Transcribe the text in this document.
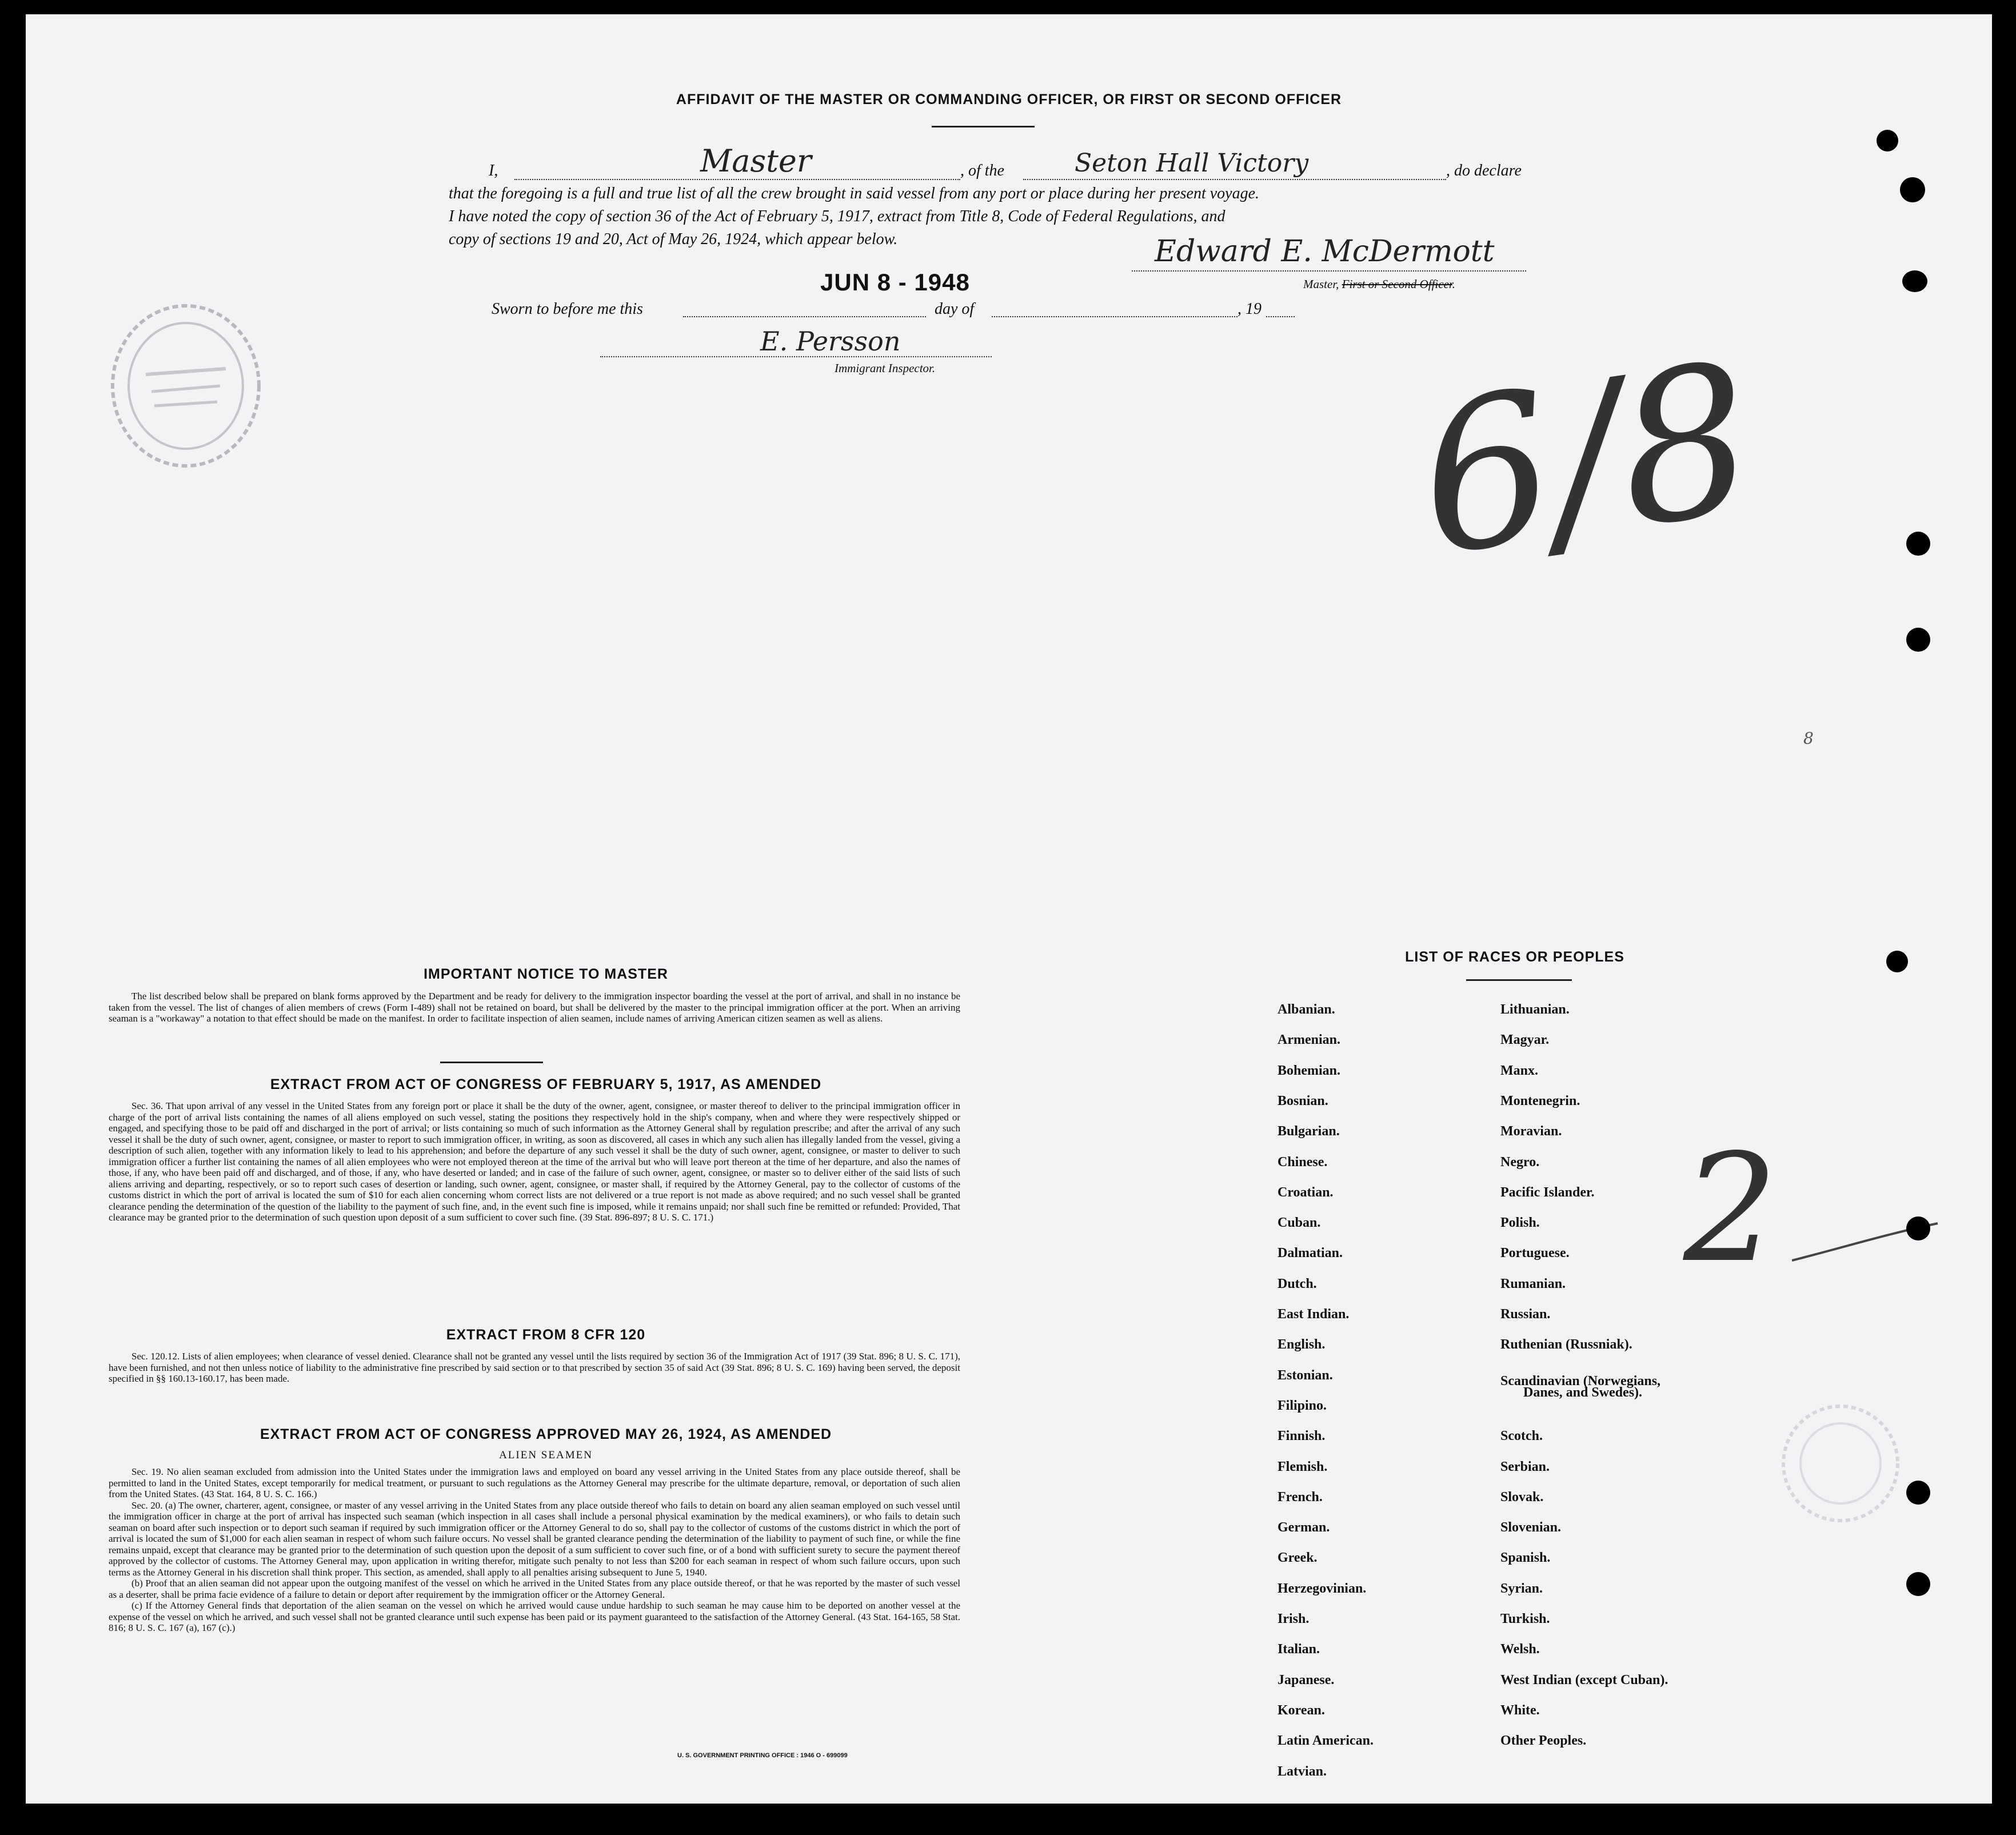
AFFIDAVIT OF THE MASTER OR COMMANDING OFFICER, OR FIRST OR SECOND OFFICER
I,	Master	, of the	Seton Hall Victory	, do declare
that the foregoing is a full and true list of all the crew brought in said vessel from any port or place during her present voyage.
I have noted the copy of section 36 of the Act of February 5, 1917, extract from Title 8, Code of Federal Regulations, and
copy of sections 19 and 20, Act of May 26, 1924, which appear below.	Edward E. McDermott
Master, First or Second Officer.
JUN 8 - 1948
Sworn to before me this	day of	, 19
E. Persson
Immigrant Inspector. 6/8
8
2
IMPORTANT NOTICE TO MASTER
The list described below shall be prepared on blank forms approved by the Department and be ready for delivery to the immigration inspector boarding the vessel at the port of arrival, and shall in no instance be taken from the vessel. The list of changes of alien members of crews (Form I-489) shall not be retained on board, but shall be delivered by the master to the principal immigration officer at the port. When an arriving seaman is a "workaway" a notation to that effect should be made on the manifest. In order to facilitate inspection of alien seamen, include names of arriving American citizen seamen as well as aliens.
EXTRACT FROM ACT OF CONGRESS OF FEBRUARY 5, 1917, AS AMENDED
Sec. 36. That upon arrival of any vessel in the United States from any foreign port or place it shall be the duty of the owner, agent, consignee, or master thereof to deliver to the principal immigration officer in charge of the port of arrival lists containing the names of all aliens employed on such vessel, stating the positions they respectively hold in the ship's company, when and where they were respectively shipped or engaged, and specifying those to be paid off and discharged in the port of arrival; or lists containing so much of such information as the Attorney General shall by regulation prescribe; and after the arrival of any such vessel it shall be the duty of such owner, agent, consignee, or master to report to such immigration officer, in writing, as soon as discovered, all cases in which any such alien has illegally landed from the vessel, giving a description of such alien, together with any information likely to lead to his apprehension; and before the departure of any such vessel it shall be the duty of such owner, agent, consignee, or master to deliver to such immigration officer a further list containing the names of all alien employees who were not employed thereon at the time of the arrival but who will leave port thereon at the time of her departure, and also the names of those, if any, who have been paid off and discharged, and of those, if any, who have deserted or landed; and in case of the failure of such owner, agent, consignee, or master so to deliver either of the said lists of such aliens arriving and departing, respectively, or so to report such cases of desertion or landing, such owner, agent, consignee, or master shall, if required by the Attorney General, pay to the collector of customs of the customs district in which the port of arrival is located the sum of $10 for each alien concerning whom correct lists are not delivered or a true report is not made as above required; and no such vessel shall be granted clearance pending the determination of the question of the liability to the payment of such fine, and, in the event such fine is imposed, while it remains unpaid; nor shall such fine be remitted or refunded: Provided, That clearance may be granted prior to the determination of such question upon deposit of a sum sufficient to cover such fine. (39 Stat. 896-897; 8 U. S. C. 171.)
EXTRACT FROM 8 CFR 120
Sec. 120.12. Lists of alien employees; when clearance of vessel denied. Clearance shall not be granted any vessel until the lists required by section 36 of the Immigration Act of 1917 (39 Stat. 896; 8 U. S. C. 171), have been furnished, and not then unless notice of liability to the administrative fine prescribed by said section or to that prescribed by section 35 of said Act (39 Stat. 896; 8 U. S. C. 169) having been served, the deposit specified in §§ 160.13-160.17, has been made.
EXTRACT FROM ACT OF CONGRESS APPROVED MAY 26, 1924, AS AMENDED
ALIEN SEAMEN
Sec. 19. No alien seaman excluded from admission into the United States under the immigration laws and employed on board any vessel arriving in the United States from any place outside thereof, shall be permitted to land in the United States, except temporarily for medical treatment, or pursuant to such regulations as the Attorney General may prescribe for the ultimate departure, removal, or deportation of such alien from the United States. (43 Stat. 164, 8 U. S. C. 166.)
Sec. 20. (a) The owner, charterer, agent, consignee, or master of any vessel arriving in the United States from any place outside thereof who fails to detain on board any alien seaman employed on such vessel until the immigration officer in charge at the port of arrival has inspected such seaman (which inspection in all cases shall include a personal physical examination by the medical examiners), or who fails to detain such seaman on board after such inspection or to deport such seaman if required by such immigration officer or the Attorney General to do so, shall pay to the collector of customs of the customs district in which the port of arrival is located the sum of $1,000 for each alien seaman in respect of whom such failure occurs. No vessel shall be granted clearance pending the determination of the liability to payment of such fine, or while the fine remains unpaid, except that clearance may be granted prior to the determination of such question upon the deposit of a sum sufficient to cover such fine, or of a bond with sufficient surety to secure the payment thereof approved by the collector of customs. The Attorney General may, upon application in writing therefor, mitigate such penalty to not less than $200 for each seaman in respect of whom such failure occurs, upon such terms as the Attorney General in his discretion shall think proper. This section, as amended, shall apply to all penalties arising subsequent to June 5, 1940.
(b) Proof that an alien seaman did not appear upon the outgoing manifest of the vessel on which he arrived in the United States from any place outside thereof, or that he was reported by the master of such vessel as a deserter, shall be prima facie evidence of a failure to detain or deport after requirement by the immigration officer or the Attorney General.
(c) If the Attorney General finds that deportation of the alien seaman on the vessel on which he arrived would cause undue hardship to such seaman he may cause him to be deported on another vessel at the expense of the vessel on which he arrived, and such vessel shall not be granted clearance until such expense has been paid or its payment guaranteed to the satisfaction of the Attorney General. (43 Stat. 164-165, 58 Stat. 816; 8 U. S. C. 167 (a), 167 (c).)
U. S. GOVERNMENT PRINTING OFFICE : 1946 O - 699099
LIST OF RACES OR PEOPLES
Albanian.
Armenian.
Bohemian.
Bosnian.
Bulgarian.
Chinese.
Croatian.
Cuban.
Dalmatian.
Dutch.
East Indian.
English.
Estonian.
Filipino.
Finnish.
Flemish.
French.
German.
Greek.
Herzegovinian.
Irish.
Italian.
Japanese.
Korean.
Latin American.
Latvian.
Lithuanian.
Magyar.
Manx.
Montenegrin.
Moravian.
Negro.
Pacific Islander.
Polish.
Portuguese.
Rumanian.
Russian.
Ruthenian (Russniak).
Scandinavian (Norwegians,
Scotch.
Serbian.
Slovak.
Slovenian.
Spanish.
Syrian.
Turkish.
Welsh.
West Indian (except Cuban).
White.
Other Peoples.
Danes, and Swedes).
